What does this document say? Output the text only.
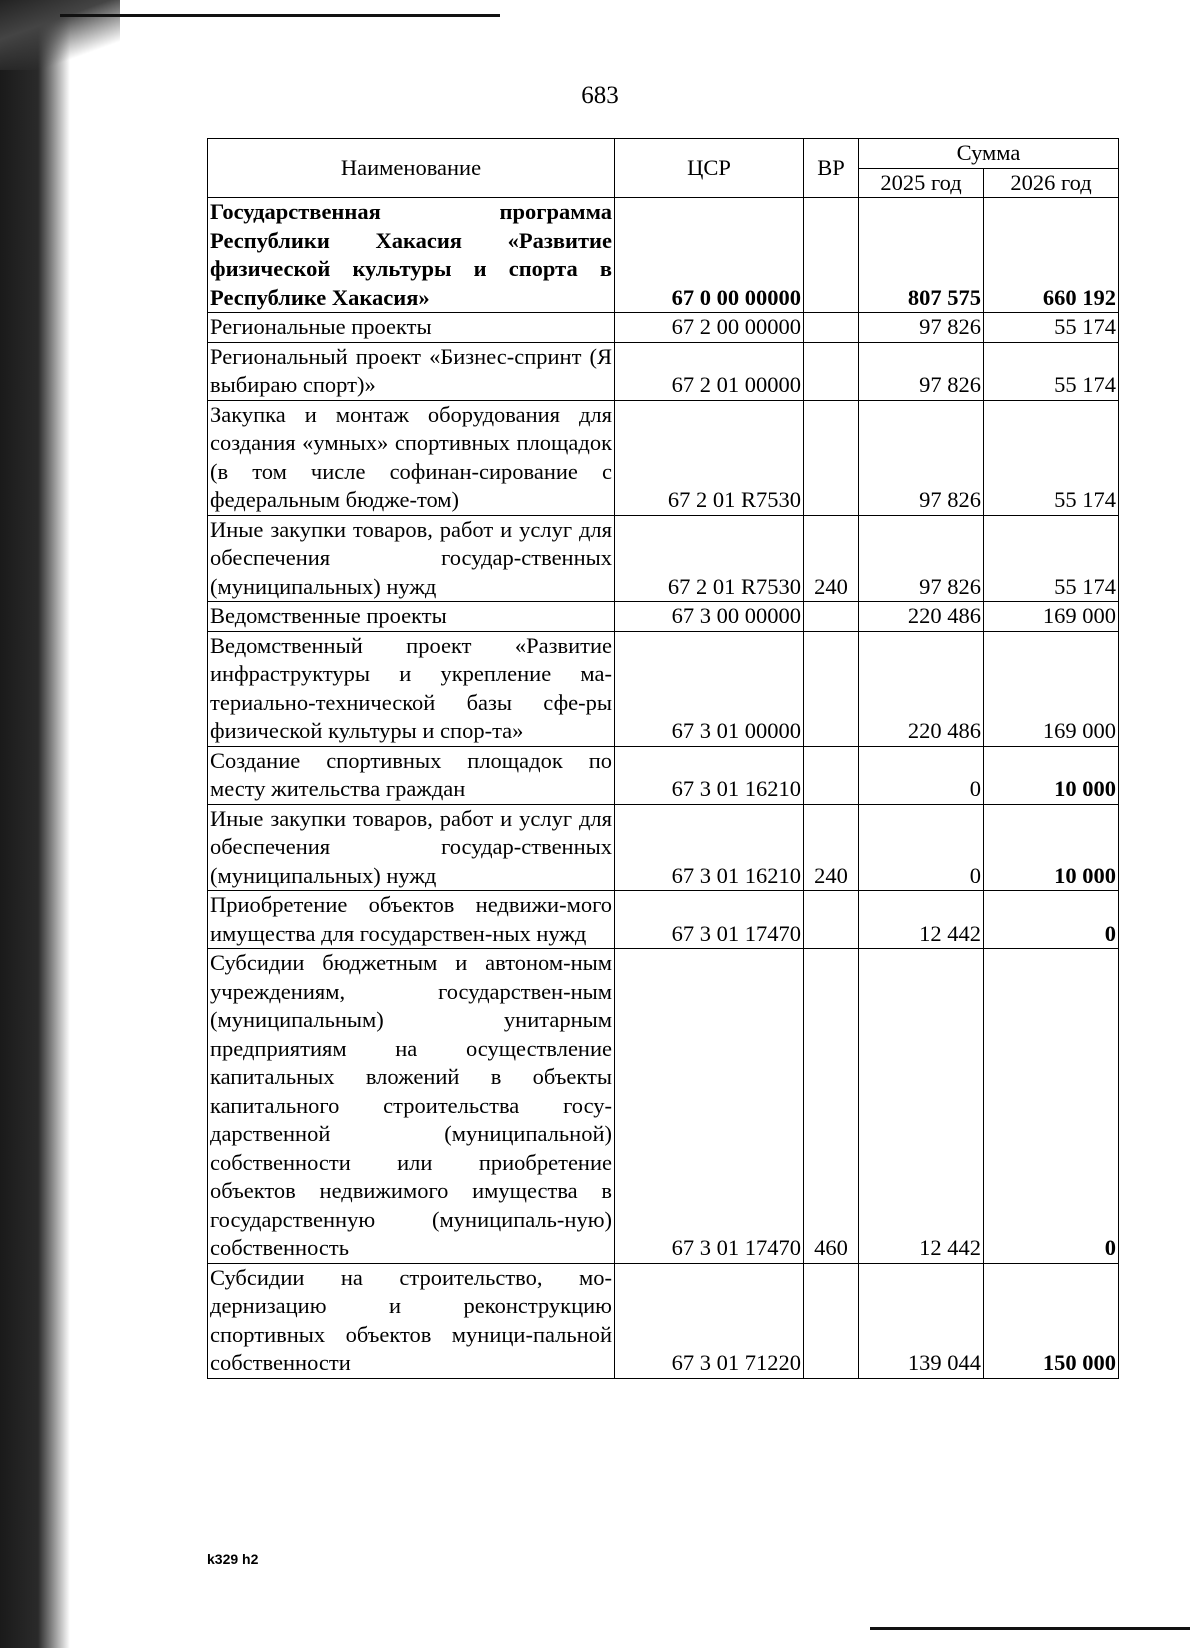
683
Наименование	ЦСР	ВР	Сумма	
			2025 год	2026 год
Государственная программа Республики Хакасия «Развитие физической культуры и спорта в Республике Хакасия»	67 0 00 00000		807 575	660 192
Региональные проекты	67 2 00 00000		97 826	55 174
Региональный проект «Бизнес-спринт (Я выбираю спорт)»	67 2 01 00000		97 826	55 174
Закупка и монтаж оборудования для создания «умных» спортивных площадок (в том числе софинан-сирование с федеральным бюдже-том)	67 2 01 R7530		97 826	55 174
Иные закупки товаров, работ и услуг для обеспечения государ-ственных (муниципальных) нужд	67 2 01 R7530	240	97 826	55 174
Ведомственные проекты	67 3 00 00000		220 486	169 000
Ведомственный проект «Развитие инфраструктуры и укрепление ма-териально-технической базы сфе-ры физической культуры и спор-та»	67 3 01 00000		220 486	169 000
Создание спортивных площадок по месту жительства граждан	67 3 01 16210		0	10 000
Иные закупки товаров, работ и услуг для обеспечения государ-ственных (муниципальных) нужд	67 3 01 16210	240	0	10 000
Приобретение объектов недвижи-мого имущества для государствен-ных нужд	67 3 01 17470		12 442	0
Субсидии бюджетным и автоном-ным учреждениям, государствен-ным (муниципальным) унитарным предприятиям на осуществление капитальных вложений в объекты капитального строительства госу-дарственной (муниципальной) собственности или приобретение объектов недвижимого имущества в государственную (муниципаль-ную) собственность	67 3 01 17470	460	12 442	0
Субсидии на строительство, мо-дернизацию и реконструкцию спортивных объектов муници-пальной собственности	67 3 01 71220		139 044	150 000
k329 h2
